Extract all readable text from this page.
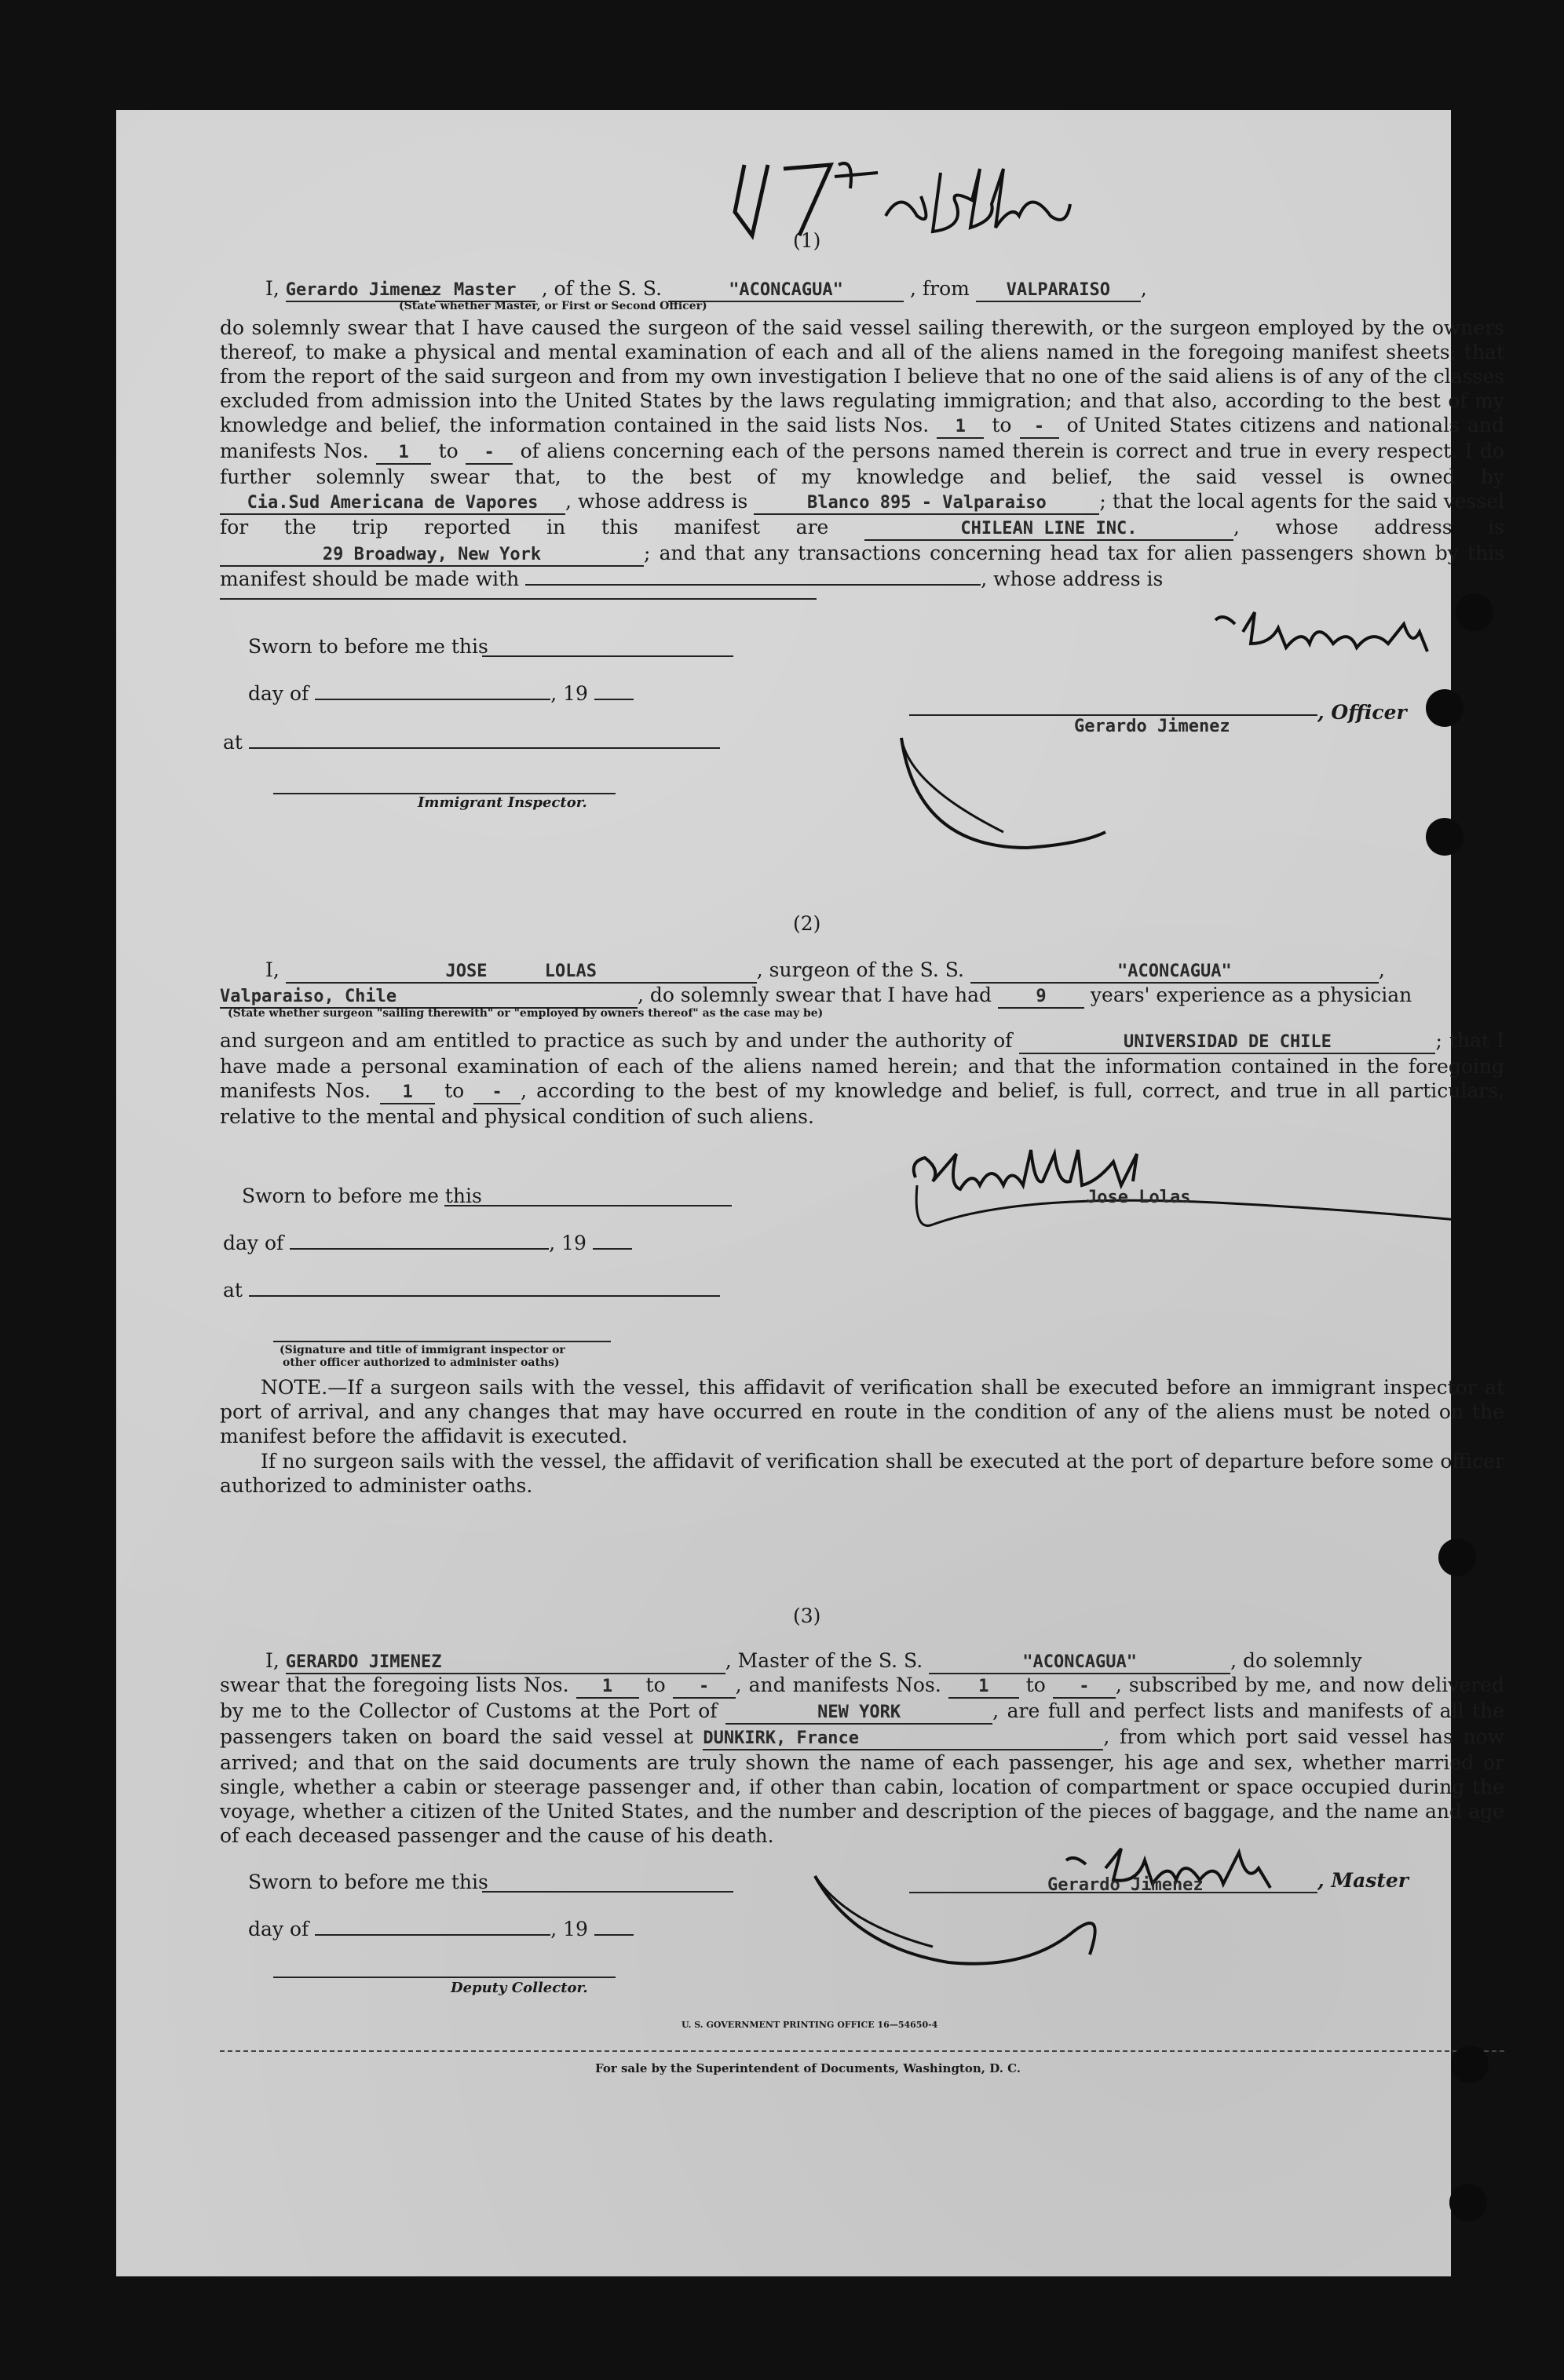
(1)
I, Gerardo Jimenez Master , of the S. S.	"ACONCAGUA"	, from VALPARAISO ,
(State whether Master, or First or Second Officer)
do solemnly swear that I have caused the surgeon of the said vessel sailing therewith, or the surgeon employed by the owners thereof, to make a physical and mental examination of each and all of the aliens named in the foregoing manifest sheets; that from the report of the said surgeon and from my own investigation I believe that no one of the said aliens is of any of the classes excluded from admission into the United States by the laws regulating immigration; and that also, according to the best of my knowledge and belief, the information contained in the said lists Nos. 1 to - of United States citizens and nationals and manifests Nos. 1 to - of aliens concerning each of the persons named therein is correct and true in every respect. I do further solemnly swear that, to the best of my knowledge and belief, the said vessel is owned by Cia.Sud Americana de Vapores , whose address is	Blanco 895 - Valparaiso	; that the local agents for the said vessel for the trip reported in this manifest are	CHILEAN LINE INC.	, whose address is 29 Broadway, New York	; and that any transactions concerning head tax for alien passengers shown by this manifest should be made with	, whose address is
Sworn to before me this
day of	, 19
at
Immigrant Inspector.
Gerardo Jimenez
, Officer
(2)
I,	JOSE LOLAS	, surgeon of the S. S.	"ACONCAGUA"	,
Valparaiso, Chile	, do solemnly swear that I have had	9 years' experience as a physician
(State whether surgeon "sailing therewith" or "employed by owners thereof" as the case may be)
and surgeon and am entitled to practice as such by and under the authority of	UNIVERSIDAD DE CHILE	; that I have made a personal examination of each of the aliens named herein; and that the information contained in the foregoing manifests Nos. 1 to - , according to the best of my knowledge and belief, is full, correct, and true in all particulars, relative to the mental and physical condition of such aliens.
Sworn to before me this
day of	, 19
at
(Signature and title of immigrant inspector or
other officer authorized to administer oaths)
Jose Lolas
NOTE.—If a surgeon sails with the vessel, this affidavit of verification shall be executed before an immigrant inspector at port of arrival, and any changes that may have occurred en route in the condition of any of the aliens must be noted on the manifest before the affidavit is executed.
If no surgeon sails with the vessel, the affidavit of verification shall be executed at the port of departure before some officer authorized to administer oaths.
(3)
I, GERARDO JIMENEZ	, Master of the S. S.	"ACONCAGUA"	, do solemnly
swear that the foregoing lists Nos. 1 to - , and manifests Nos. 1 to - , subscribed by me, and now delivered by me to the Collector of Customs at the Port of	NEW YORK	, are full and perfect lists and manifests of all the passengers taken on board the said vessel at DUNKIRK, France	, from which port said vessel has now arrived; and that on the said documents are truly shown the name of each passenger, his age and sex, whether married or single, whether a cabin or steerage passenger and, if other than cabin, location of compartment or space occupied during the voyage, whether a citizen of the United States, and the number and description of the pieces of baggage, and the name and age of each deceased passenger and the cause of his death.
Sworn to before me this
day of	, 19
Deputy Collector.
Gerardo Jimenez	, Master
U. S. GOVERNMENT PRINTING OFFICE 16—54650-4
For sale by the Superintendent of Documents, Washington, D. C.
